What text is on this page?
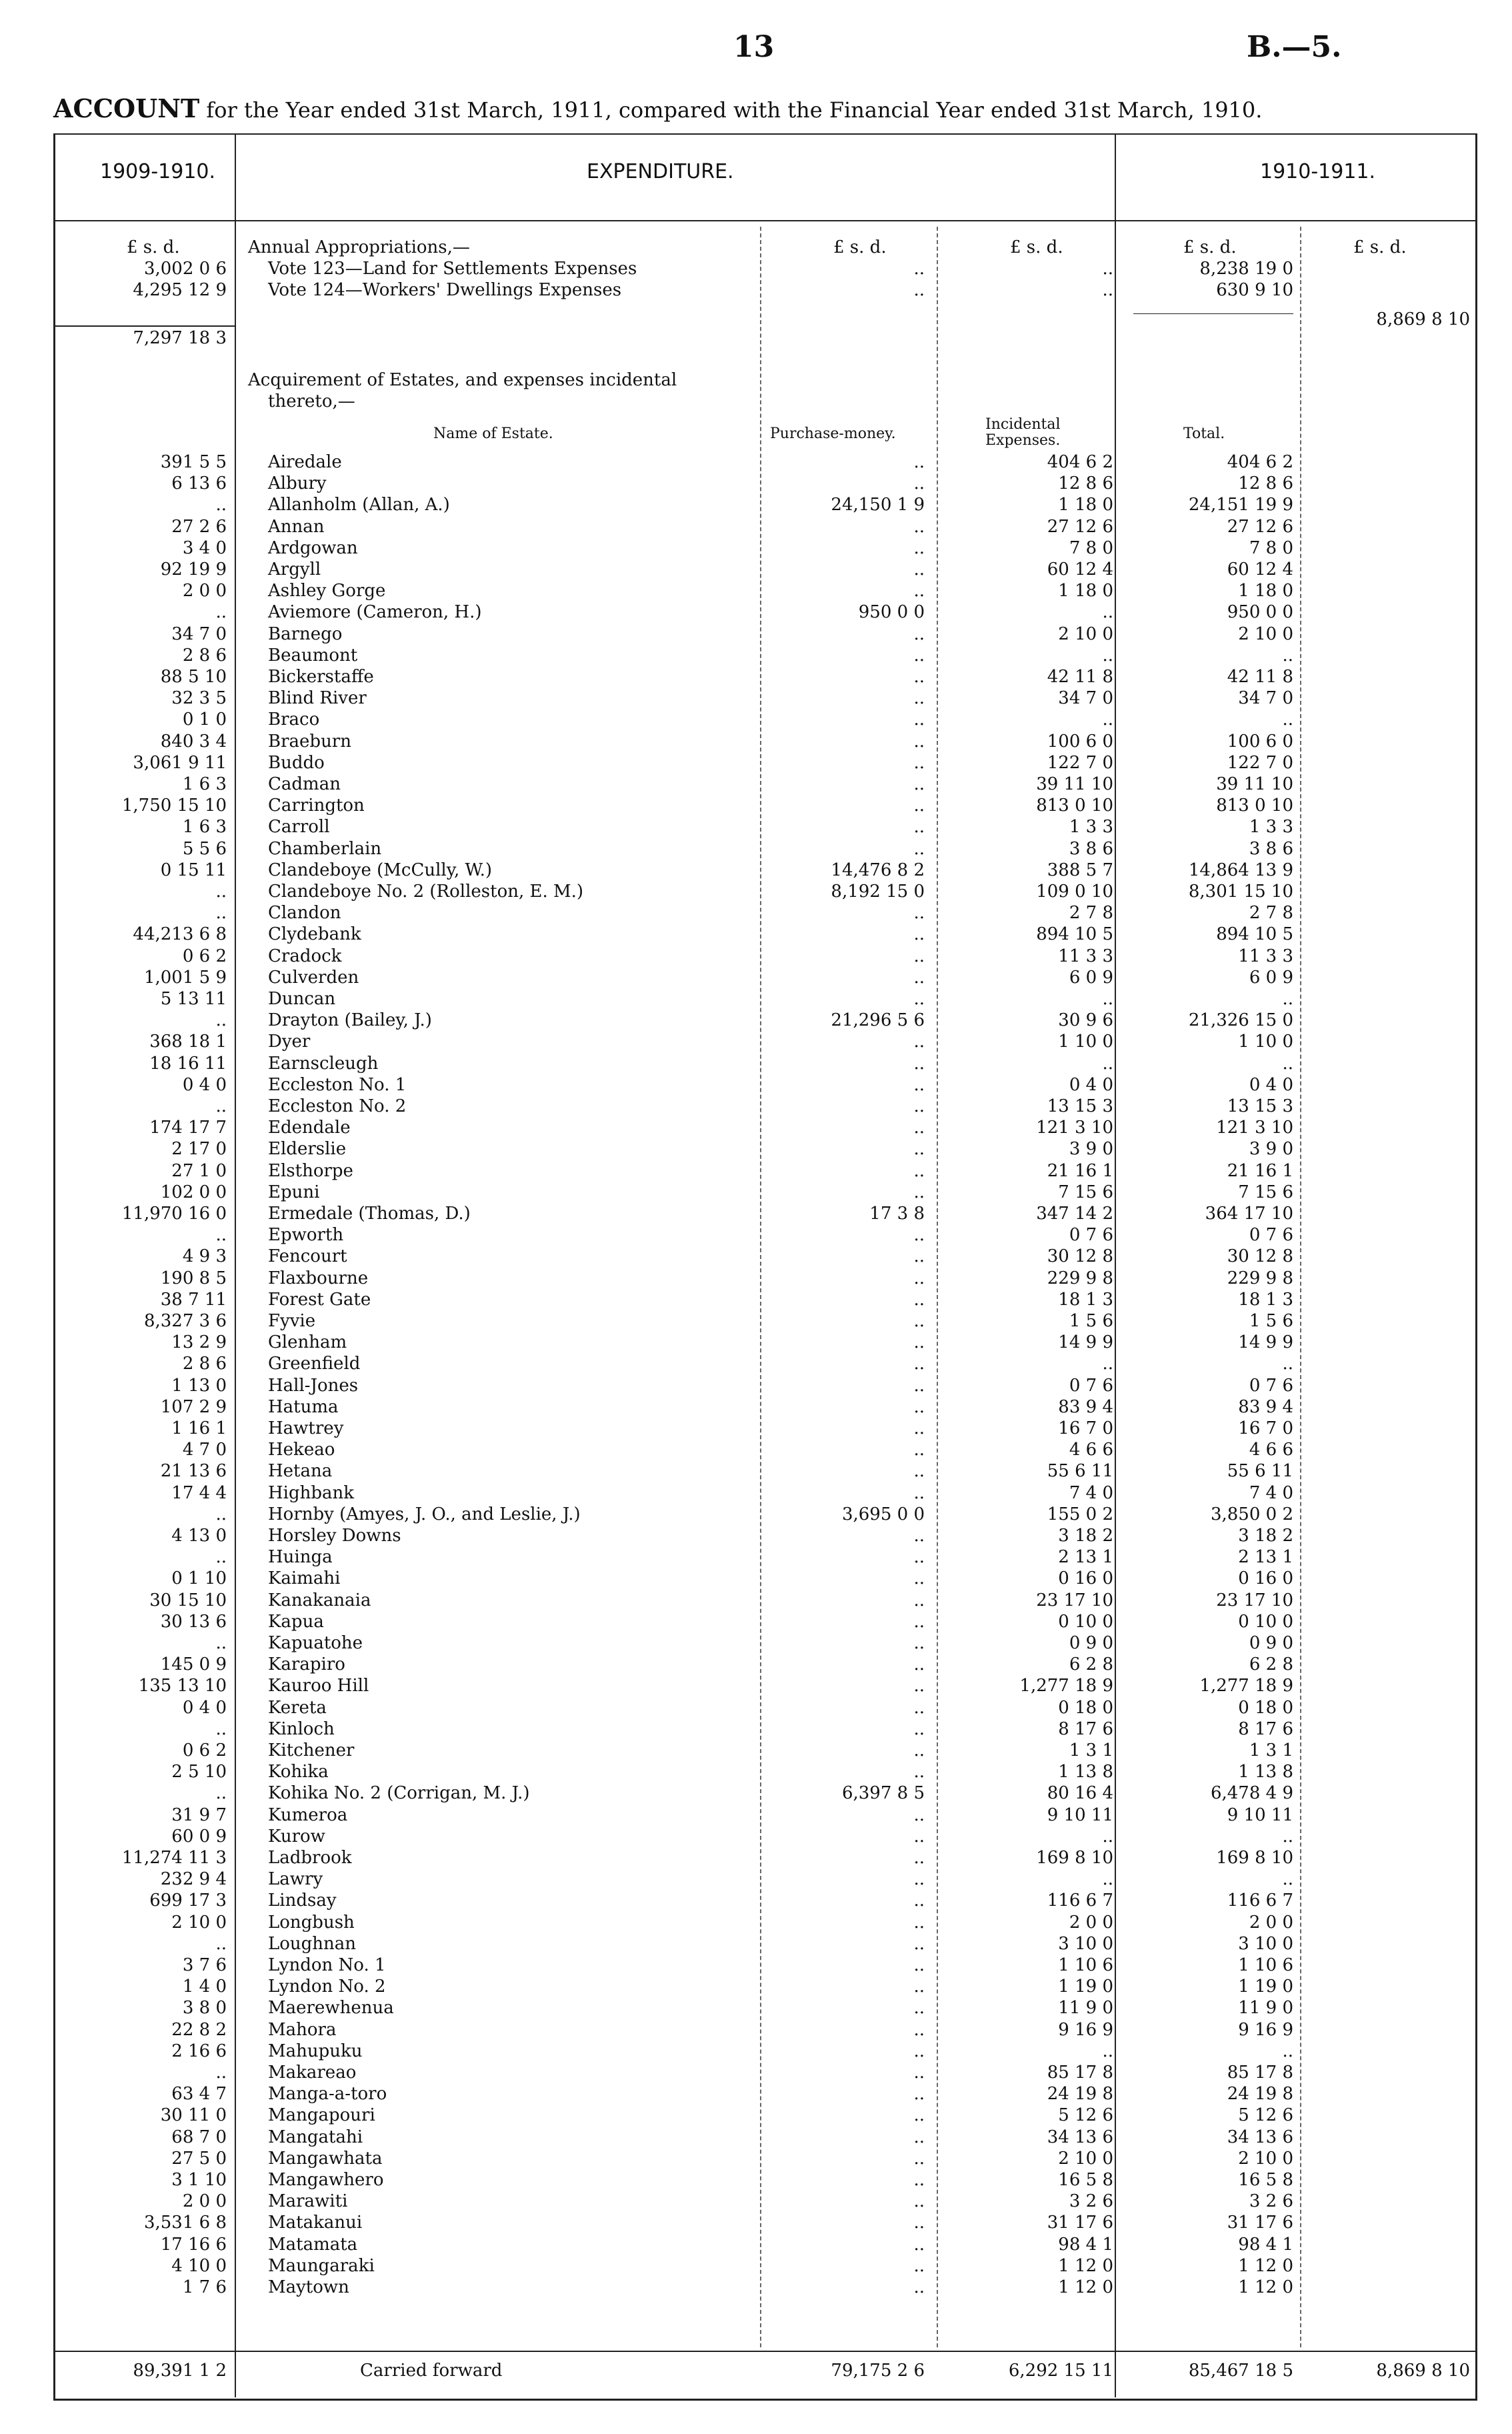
13	B.—5.
ACCOUNT for the Year ended 31st March, 1911, compared with the Financial Year ended 31st March, 1910.
1909-1910.	EXPENDITURE.	1910-1911.
£ s. d.	£ s. d.	£ s. d.	£ s. d.	£ s. d.
Annual Appropriations,—
3,002 0 6 Vote 123—Land for Settlements Expenses	..	..	8,238 19 0
4,295 12 9 Vote 124—Workers' Dwellings Expenses	..	..	630 9 10
7,297 18 3
8,869 8 10
Acquirement of Estates, and expenses incidental
thereto,—
Name of Estate.	Purchase-money.
Incidental
Expenses.	Total.
391 5 5 Airedale	..	404 6 2	404 6 2
6 13 6 Albury	..	12 8 6	12 8 6
.. Allanholm (Allan, A.)	24,150 1 9	1 18 0	24,151 19 9
27 2 6 Annan	..	27 12 6	27 12 6
3 4 0 Ardgowan	..	7 8 0	7 8 0
92 19 9 Argyll	..	60 12 4	60 12 4
2 0 0 Ashley Gorge	..	1 18 0	1 18 0
.. Aviemore (Cameron, H.)	950 0 0	..	950 0 0
34 7 0 Barnego	..	2 10 0	2 10 0
2 8 6 Beaumont	..	..	..
88 5 10 Bickerstaffe	..	42 11 8	42 11 8
32 3 5 Blind River	..	34 7 0	34 7 0
0 1 0 Braco	..	..	..
840 3 4 Braeburn	..	100 6 0	100 6 0
3,061 9 11 Buddo	..	122 7 0	122 7 0
1 6 3 Cadman	..	39 11 10	39 11 10
1,750 15 10 Carrington	..	813 0 10	813 0 10
1 6 3 Carroll	..	1 3 3	1 3 3
5 5 6 Chamberlain	..	3 8 6	3 8 6
0 15 11 Clandeboye (McCully, W.)	14,476 8 2	388 5 7	14,864 13 9
.. Clandeboye No. 2 (Rolleston, E. M.)	8,192 15 0	109 0 10	8,301 15 10
.. Clandon	..	2 7 8	2 7 8
44,213 6 8 Clydebank	..	894 10 5	894 10 5
0 6 2 Cradock	..	11 3 3	11 3 3
1,001 5 9 Culverden	..	6 0 9	6 0 9
5 13 11 Duncan	..	..	..
.. Drayton (Bailey, J.)	21,296 5 6	30 9 6	21,326 15 0
368 18 1 Dyer	..	1 10 0	1 10 0
18 16 11 Earnscleugh	..	..	..
0 4 0 Eccleston No. 1	..	0 4 0	0 4 0
.. Eccleston No. 2	..	13 15 3	13 15 3
174 17 7 Edendale	..	121 3 10	121 3 10
2 17 0 Elderslie	..	3 9 0	3 9 0
27 1 0 Elsthorpe	..	21 16 1	21 16 1
102 0 0 Epuni	..	7 15 6	7 15 6
11,970 16 0 Ermedale (Thomas, D.)	17 3 8	347 14 2	364 17 10
.. Epworth	..	0 7 6	0 7 6
4 9 3 Fencourt	..	30 12 8	30 12 8
190 8 5 Flaxbourne	..	229 9 8	229 9 8
38 7 11 Forest Gate	..	18 1 3	18 1 3
8,327 3 6 Fyvie	..	1 5 6	1 5 6
13 2 9 Glenham	..	14 9 9	14 9 9
2 8 6 Greenfield	..	..	..
1 13 0 Hall-Jones	..	0 7 6	0 7 6
107 2 9 Hatuma	..	83 9 4	83 9 4
1 16 1 Hawtrey	..	16 7 0	16 7 0
4 7 0 Hekeao	..	4 6 6	4 6 6
21 13 6 Hetana	..	55 6 11	55 6 11
17 4 4 Highbank	..	7 4 0	7 4 0
.. Hornby (Amyes, J. O., and Leslie, J.)	3,695 0 0	155 0 2	3,850 0 2
4 13 0 Horsley Downs	..	3 18 2	3 18 2
.. Huinga	..	2 13 1	2 13 1
0 1 10 Kaimahi	..	0 16 0	0 16 0
30 15 10 Kanakanaia	..	23 17 10	23 17 10
30 13 6 Kapua	..	0 10 0	0 10 0
.. Kapuatohe	..	0 9 0	0 9 0
145 0 9 Karapiro	..	6 2 8	6 2 8
135 13 10 Kauroo Hill	..	1,277 18 9	1,277 18 9
0 4 0 Kereta	..	0 18 0	0 18 0
.. Kinloch	..	8 17 6	8 17 6
0 6 2 Kitchener	..	1 3 1	1 3 1
2 5 10 Kohika	..	1 13 8	1 13 8
.. Kohika No. 2 (Corrigan, M. J.)	6,397 8 5	80 16 4	6,478 4 9
31 9 7 Kumeroa	..	9 10 11	9 10 11
60 0 9 Kurow	..	..	..
11,274 11 3 Ladbrook	..	169 8 10	169 8 10
232 9 4 Lawry	..	..	..
699 17 3 Lindsay	..	116 6 7	116 6 7
2 10 0 Longbush	..	2 0 0	2 0 0
.. Loughnan	..	3 10 0	3 10 0
3 7 6 Lyndon No. 1	..	1 10 6	1 10 6
1 4 0 Lyndon No. 2	..	1 19 0	1 19 0
3 8 0 Maerewhenua	..	11 9 0	11 9 0
22 8 2 Mahora	..	9 16 9	9 16 9
2 16 6 Mahupuku	..	..	..
.. Makareao	..	85 17 8	85 17 8
63 4 7 Manga-a-toro	..	24 19 8	24 19 8
30 11 0 Mangapouri	..	5 12 6	5 12 6
68 7 0 Mangatahi	..	34 13 6	34 13 6
27 5 0 Mangawhata	..	2 10 0	2 10 0
3 1 10 Mangawhero	..	16 5 8	16 5 8
2 0 0 Marawiti	..	3 2 6	3 2 6
3,531 6 8 Matakanui	..	31 17 6	31 17 6
17 16 6 Matamata	..	98 4 1	98 4 1
4 10 0 Maungaraki	..	1 12 0	1 12 0
1 7 6 Maytown	..	1 12 0	1 12 0
89,391 1 2	Carried forward	79,175 2 6	6,292 15 11	85,467 18 5	8,869 8 10
